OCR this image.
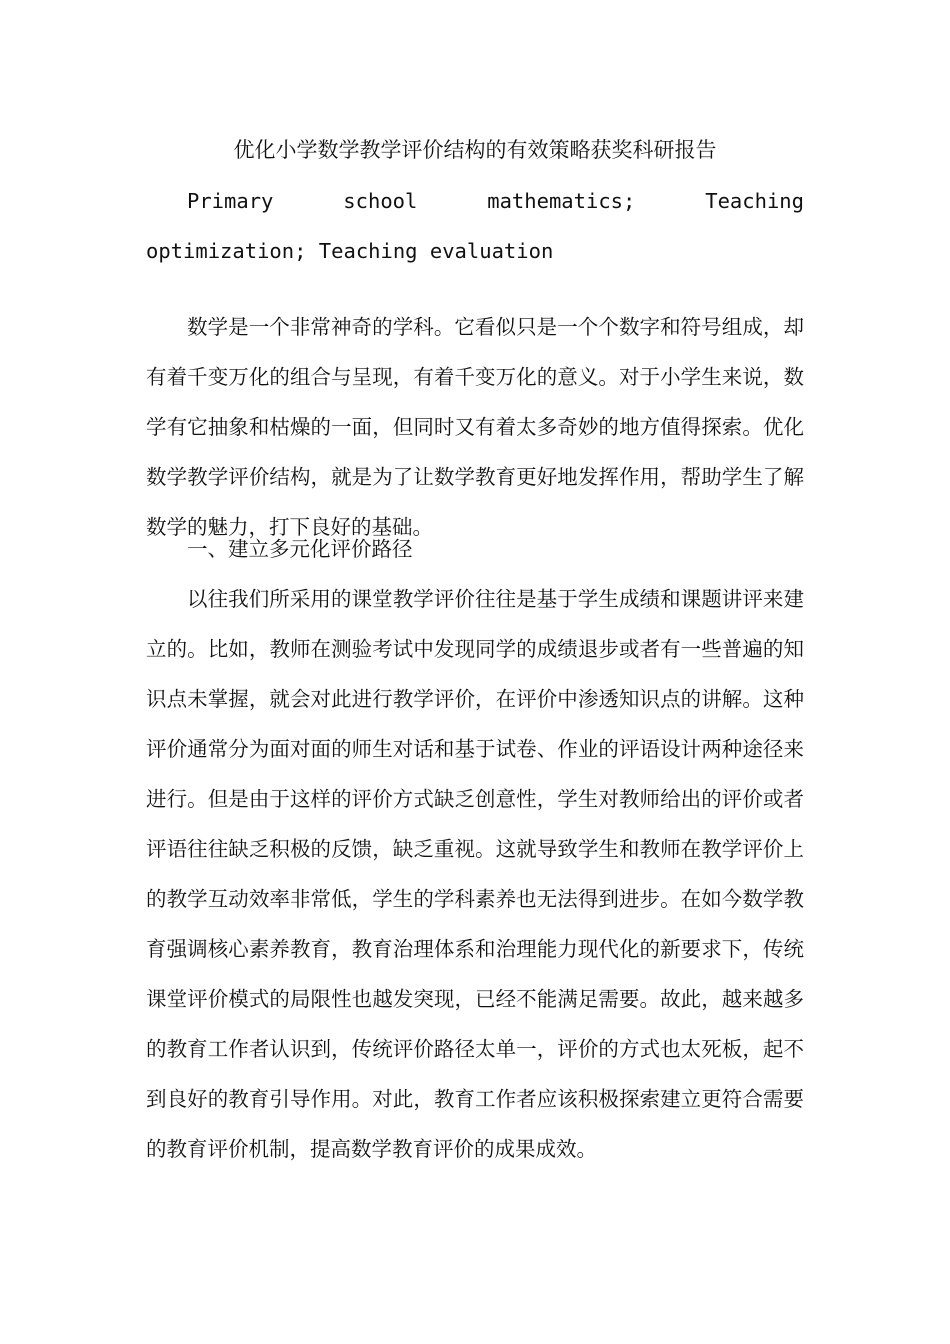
优化小学数学教学评价结构的有效策略获奖科研报告

Primary school mathematics; Teaching optimization; Teaching evaluation

数学是一个非常神奇的学科。它看似只是一个个数字和符号组成，却有着千变万化的组合与呈现，有着千变万化的意义。对于小学生来说，数学有它抽象和枯燥的一面，但同时又有着太多奇妙的地方值得探索。优化数学教学评价结构，就是为了让数学教育更好地发挥作用，帮助学生了解数学的魅力，打下良好的基础。

一、建立多元化评价路径

以往我们所采用的课堂教学评价往往是基于学生成绩和课题讲评来建立的。比如，教师在测验考试中发现同学的成绩退步或者有一些普遍的知识点未掌握，就会对此进行教学评价，在评价中渗透知识点的讲解。这种评价通常分为面对面的师生对话和基于试卷、作业的评语设计两种途径来进行。但是由于这样的评价方式缺乏创意性，学生对教师给出的评价或者评语往往缺乏积极的反馈，缺乏重视。这就导致学生和教师在教学评价上的教学互动效率非常低，学生的学科素养也无法得到进步。在如今数学教育强调核心素养教育，教育治理体系和治理能力现代化的新要求下，传统课堂评价模式的局限性也越发突现，已经不能满足需要。故此，越来越多的教育工作者认识到，传统评价路径太单一，评价的方式也太死板，起不到良好的教育引导作用。对此，教育工作者应该积极探索建立更符合需要的教育评价机制，提高数学教育评价的成果成效。
